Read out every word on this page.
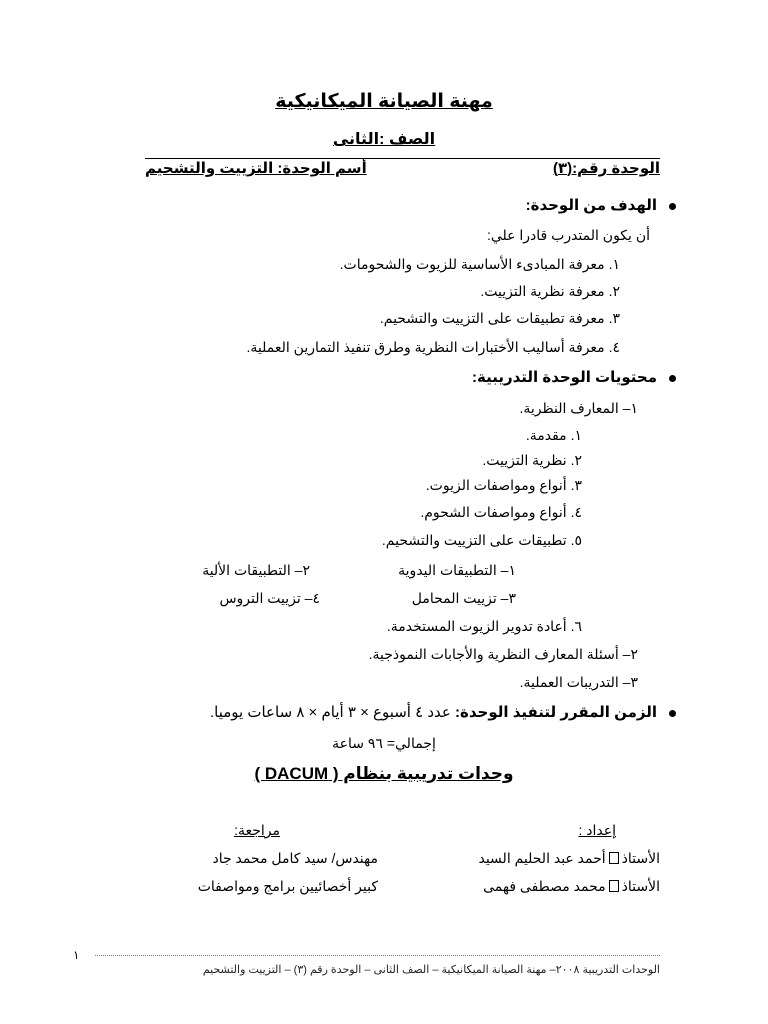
مهنة الصيانة الميكانيكية
الصف :الثانى
الوحدة رقم:(٣)
أسم الوحدة: التزييت والتشحيم
الهدف من الوحدة:
أن يكون المتدرب قادرا علي:
١. معرفة المبادىء الأساسية للزيوت والشحومات.
٢. معرفة نظرية التزييت.
٣. معرفة تطبيقات على التزييت والتشحيم.
٤. معرفة أساليب الأختبارات النظرية وطرق تنفيذ التمارين العملية.
محتويات الوحدة التدريبية:
١– المعارف النظرية.
١. مقدمة.
٢. نظرية التزييت.
٣. أنواع ومواصفات الزيوت.
٤. أنواع ومواصفات الشحوم.
٥. تطبيقات على التزييت والتشحيم.
١– التطبيقات اليدوية
٢– التطبيقات الألية
٣– تزييت المحامل
٤– تزييت التروس
٦. أعادة تدوير الزيوت المستخدمة.
٢– أسئلة المعارف النظرية والأجابات النموذجية.
٣– التدريبات العملية.
الزمن المقرر لتنفيذ الوحدة: عدد ٤ أسبوع × ٣ أيام × ٨ ساعات يوميا.
إجمالي= ٩٦ ساعة
وحدات تدريبية بنظام ( DACUM )
إعداد :
مراجعة:
الأستاذأحمد عبد الحليم السيد
الأستاذمحمد مصطفى فهمى
مهندس/ سيد كامل محمد جاد
كبير أخصائيين برامج ومواصفات
١
الوحدات التدريبية ٢٠٠٨– مهنة الصيانة الميكانيكية – الصف الثانى – الوحدة رقم (٣) – التزييت والتشحيم
